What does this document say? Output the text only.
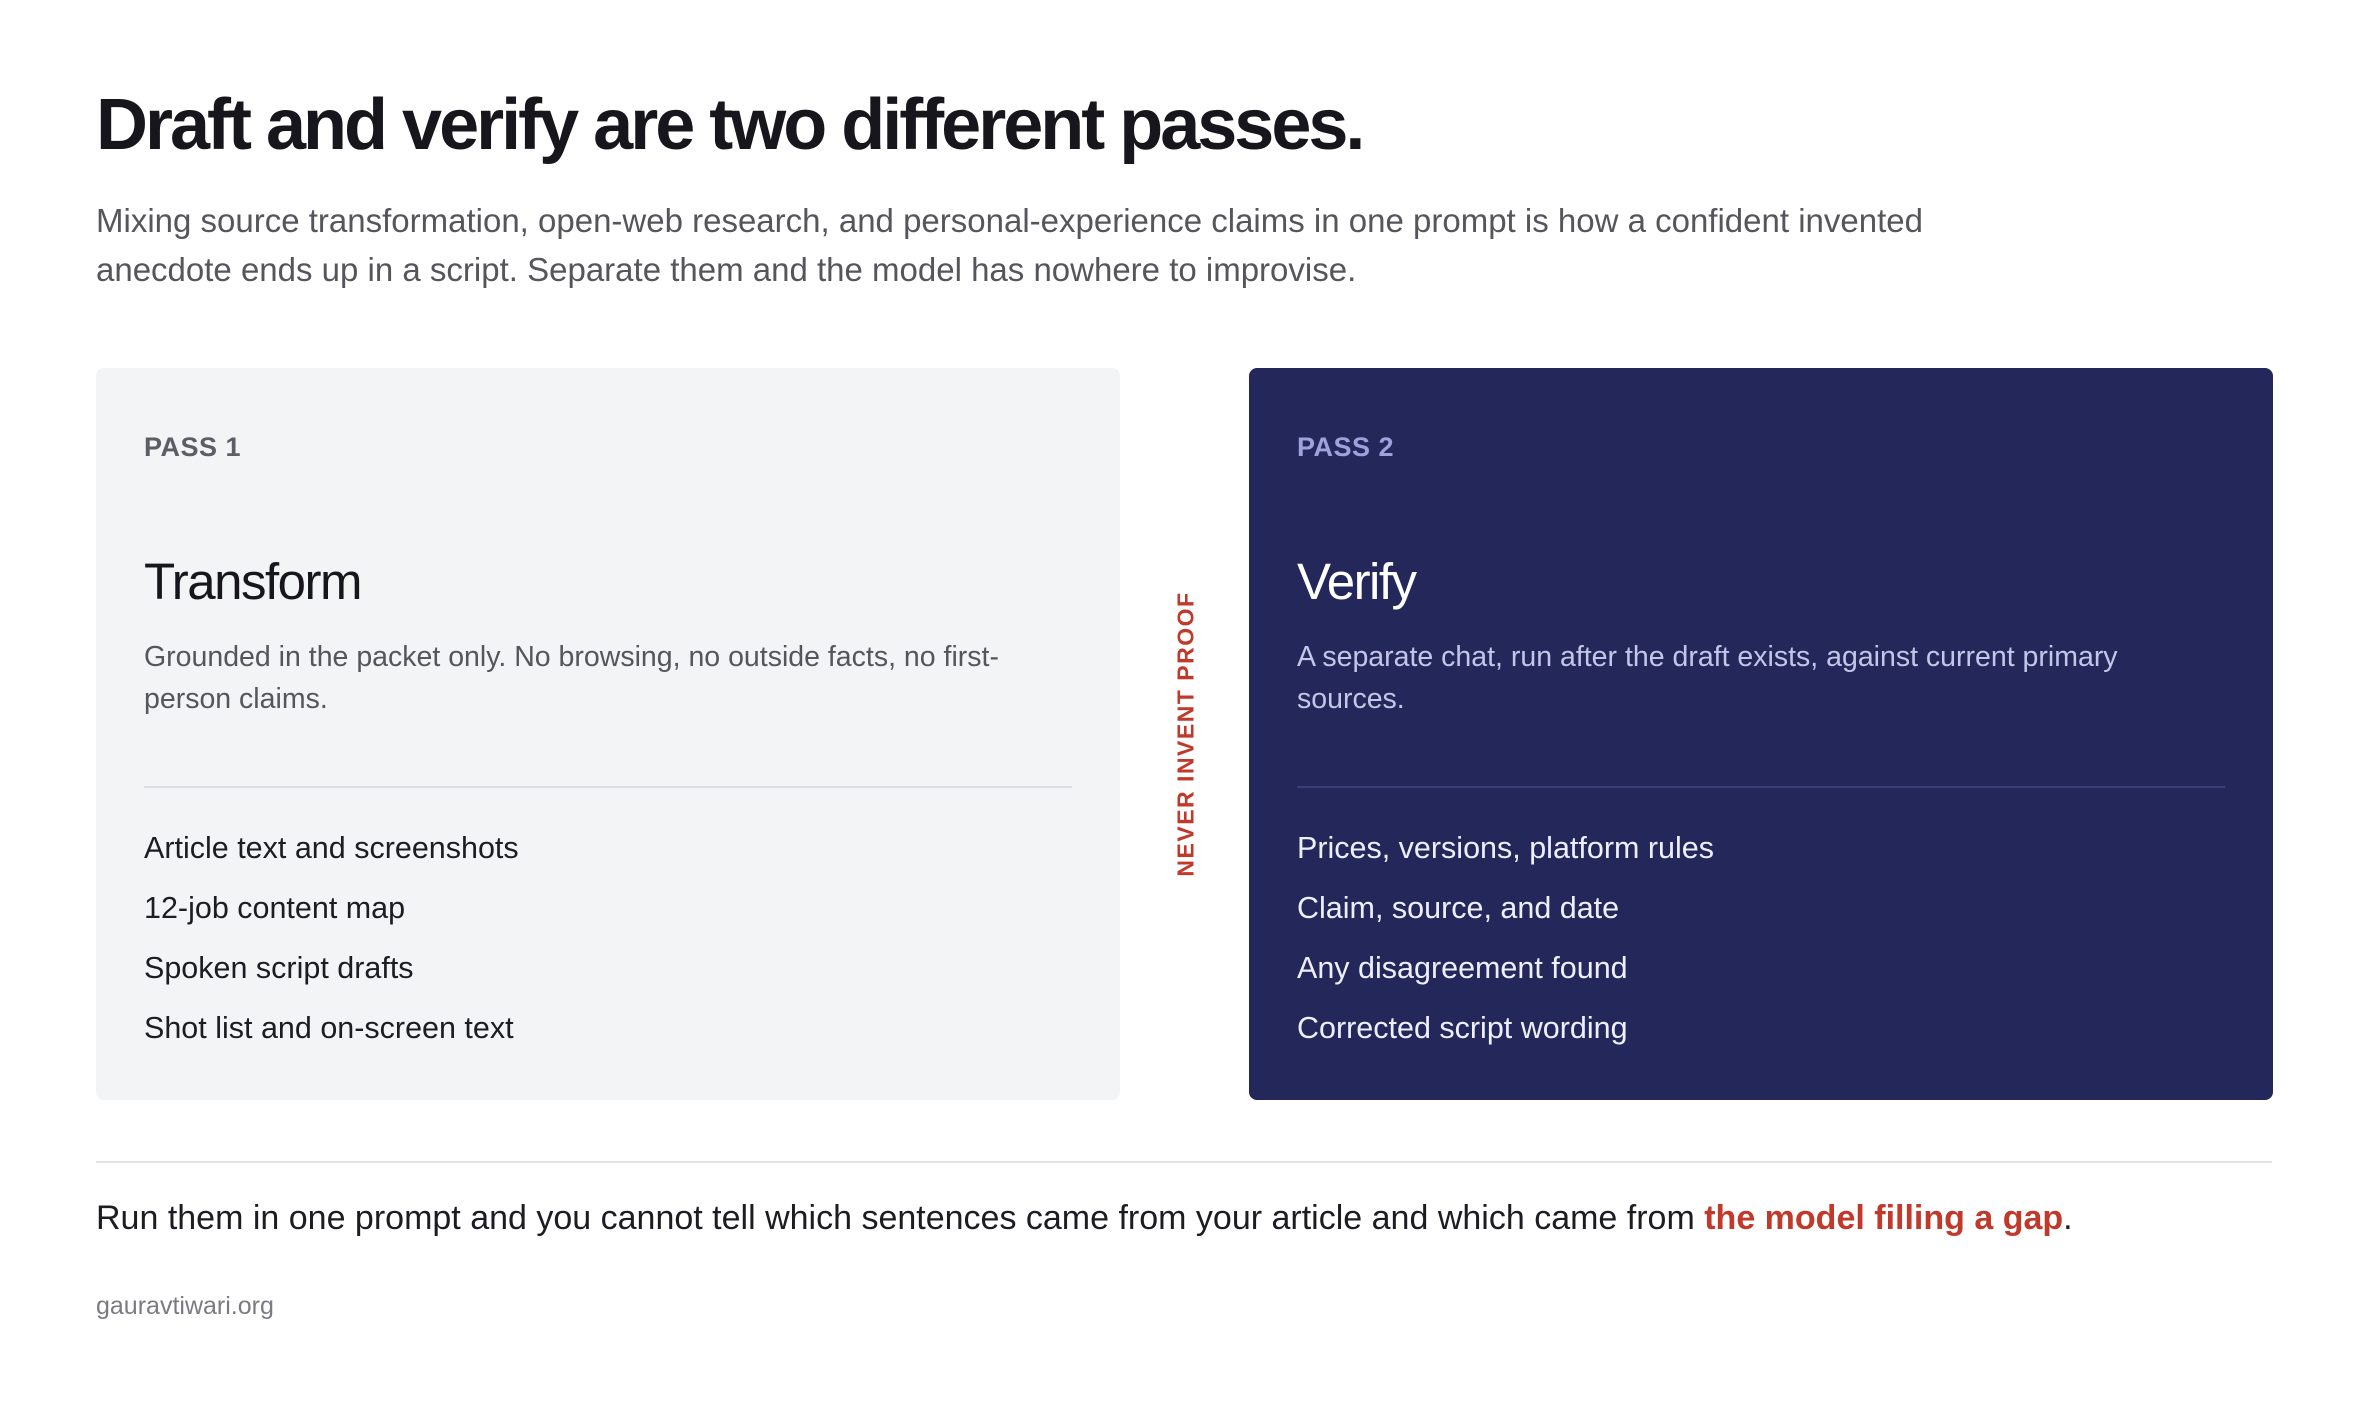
Draft and verify are two different passes.

Mixing source transformation, open-web research, and personal-experience claims in one prompt is how a confident invented anecdote ends up in a script. Separate them and the model has nowhere to improvise.

PASS 1
Transform
Grounded in the packet only. No browsing, no outside facts, no first-person claims.
Article text and screenshots
12-job content map
Spoken script drafts
Shot list and on-screen text
NEVER INVENT PROOF
PASS 2
Verify
A separate chat, run after the draft exists, against current primary sources.
Prices, versions, platform rules
Claim, source, and date
Any disagreement found
Corrected script wording

Run them in one prompt and you cannot tell which sentences came from your article and which came from the model filling a gap.

gauravtiwari.org
